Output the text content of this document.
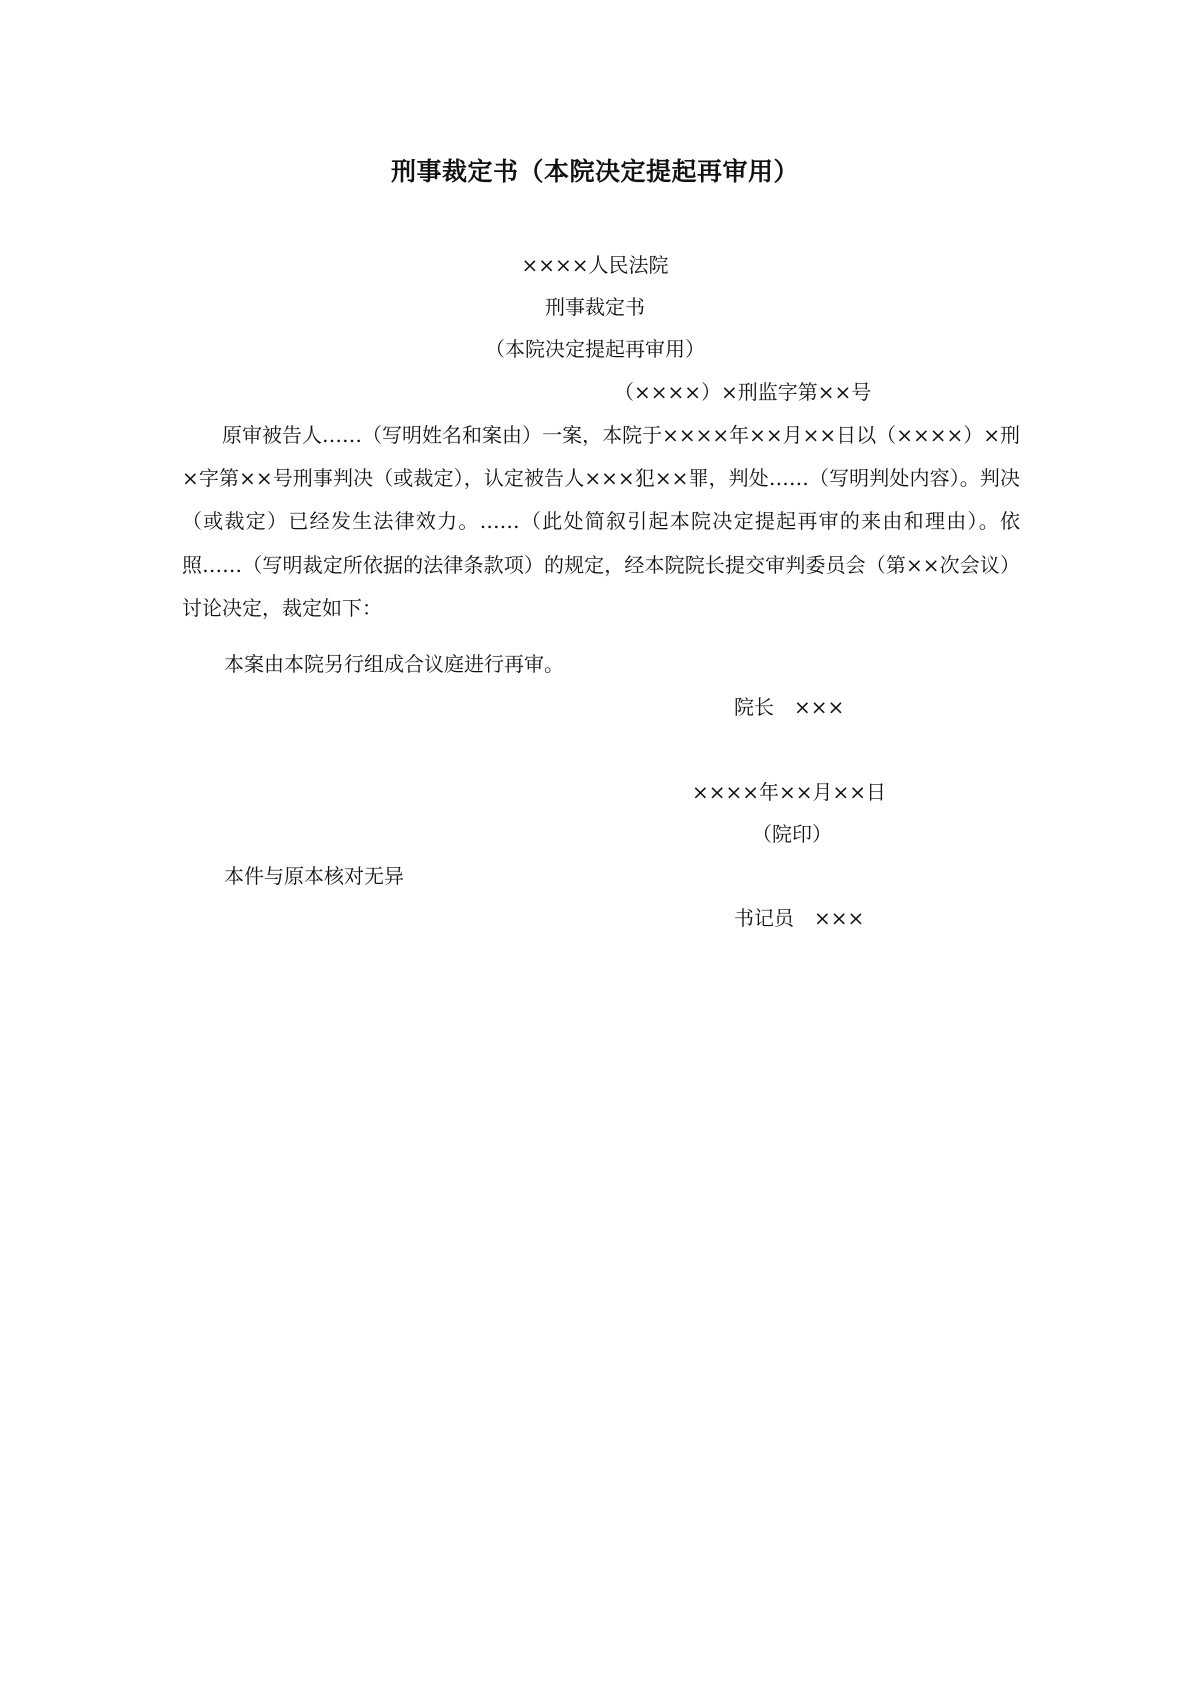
刑事裁定书（本院决定提起再审用）
××××人民法院
刑事裁定书
（本院决定提起再审用）
（××××）×刑监字第××号
原审被告人……（写明姓名和案由）一案，本院于××××年××月××日以（××××）×刑×字第××号刑事判决（或裁定），认定被告人×××犯××罪，判处……（写明判处内容）。判决（或裁定）已经发生法律效力。……（此处简叙引起本院决定提起再审的来由和理由）。依照……（写明裁定所依据的法律条款项）的规定，经本院院长提交审判委员会（第××次会议）讨论决定，裁定如下：
本案由本院另行组成合议庭进行再审。
院长　×××
××××年××月××日
（院印）
本件与原本核对无异
书记员　×××
